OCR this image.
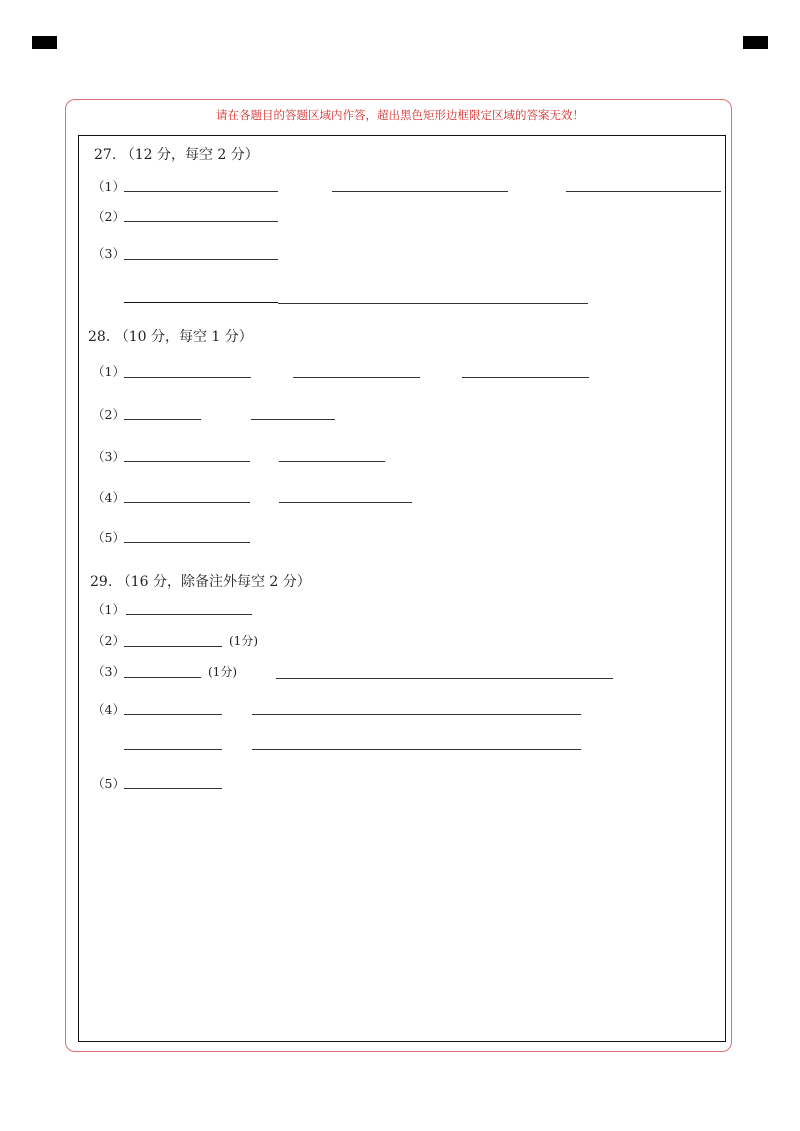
请在各题目的答题区域内作答，超出黑色矩形边框限定区域的答案无效！
27. （12 分，每空 2 分）
（1）
（2）
（3）
28. （10 分，每空 1 分）
（1）
（2）
（3）
（4）
（5）
29. （16 分，除备注外每空 2 分）
（1）
（2）	(1分)
（3）	(1分)
（4）
（5）
